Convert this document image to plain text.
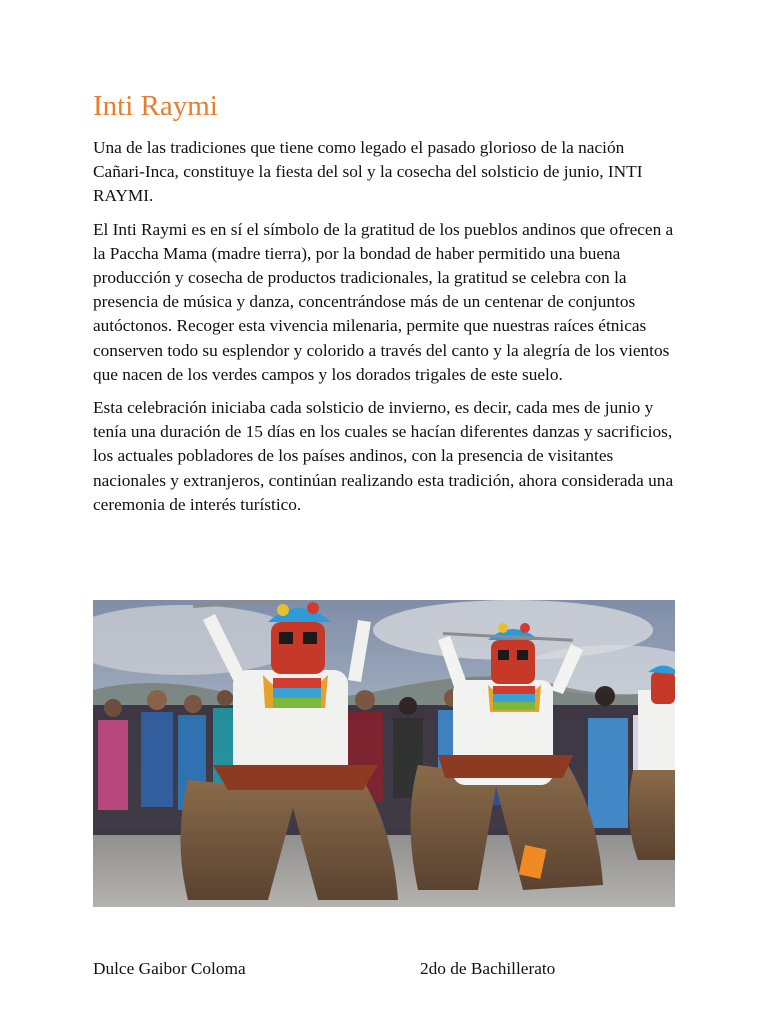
Inti Raymi

Una de las tradiciones que tiene como legado el pasado glorioso de la nación Cañari-Inca, constituye la fiesta del sol y la cosecha del solsticio de junio, INTI RAYMI.

El Inti Raymi es en sí el símbolo de la gratitud de los pueblos andinos que ofrecen a la Paccha Mama (madre tierra), por la bondad de haber permitido una buena producción y cosecha de productos tradicionales, la gratitud se celebra con la presencia de música y danza, concentrándose más de un centenar de conjuntos autóctonos. Recoger esta vivencia milenaria, permite que nuestras raíces étnicas conserven todo su esplendor y colorido a través del canto y la alegría de los vientos que nacen de los verdes campos y los dorados trigales de este suelo.

Esta celebración iniciaba cada solsticio de invierno, es decir, cada mes de junio y tenía una duración de 15 días en los cuales se hacían diferentes danzas y sacrificios, los actuales pobladores de los países andinos, con la presencia de visitantes nacionales y extranjeros, continúan realizando esta tradición, ahora considerada una ceremonia de interés turístico.

Dulce Gaibor Coloma	2do de Bachillerato
